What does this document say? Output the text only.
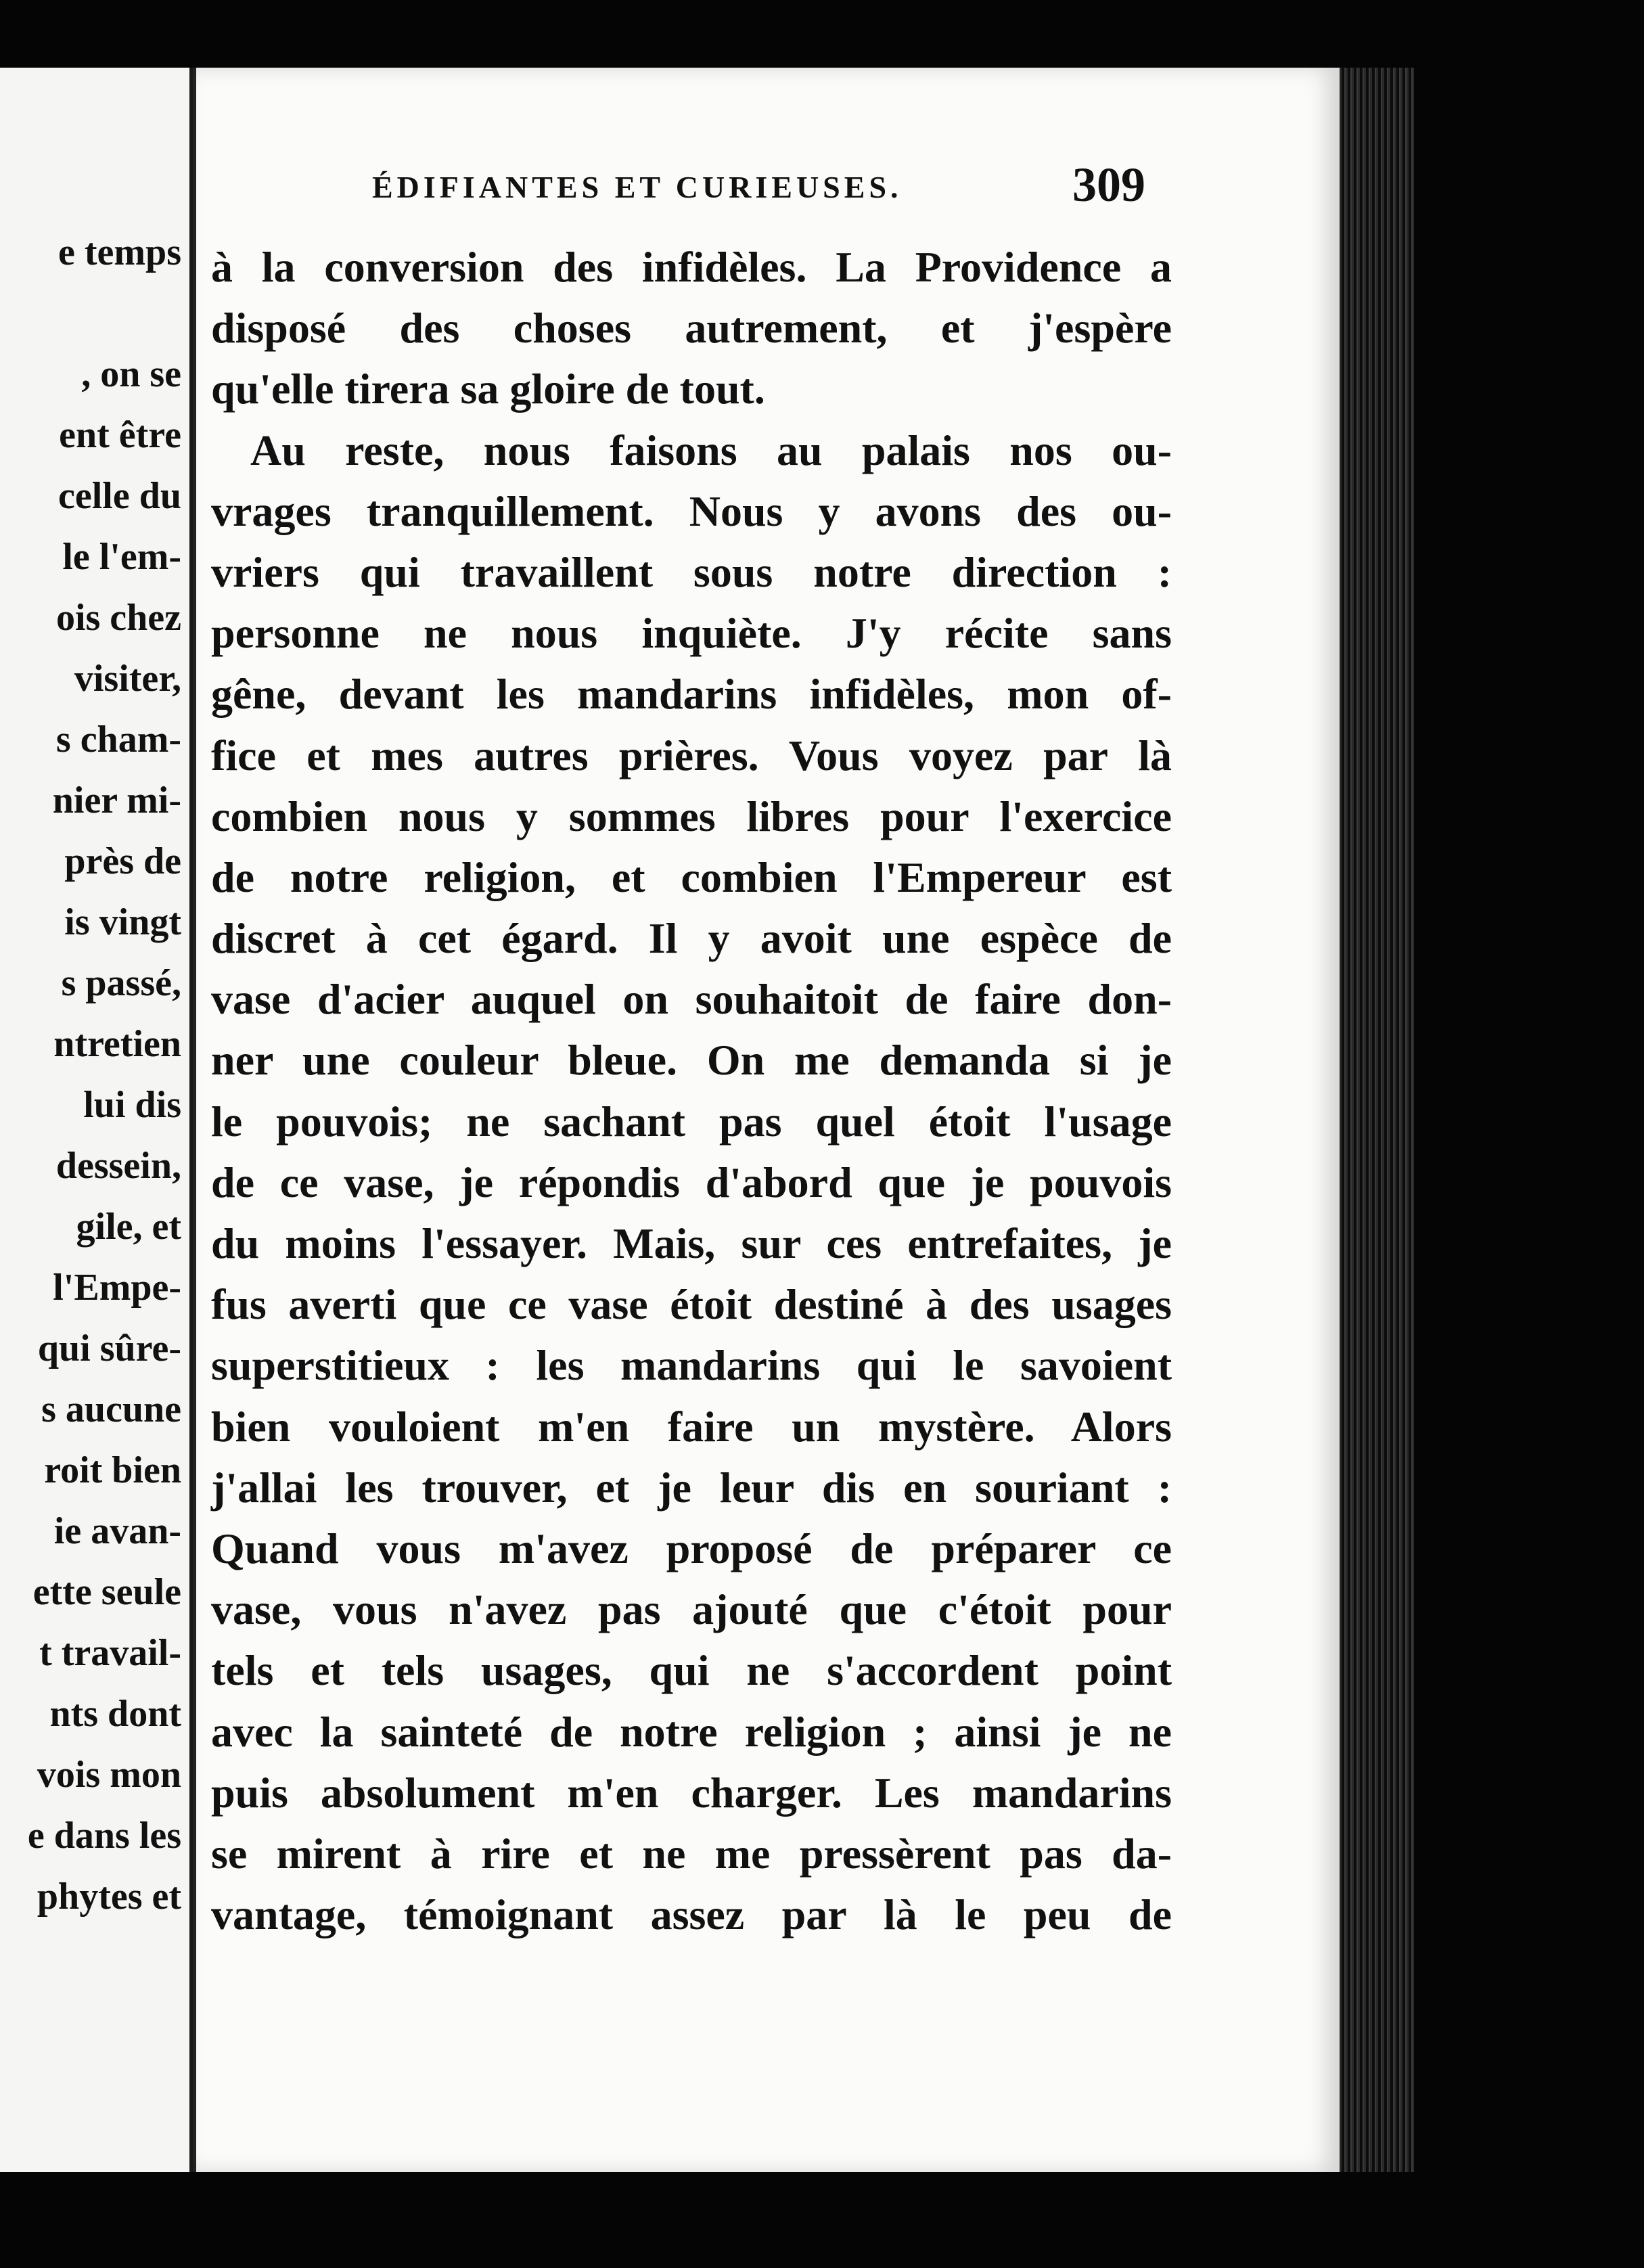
e temps
, on se
ent être
celle du
le l'em-
ois chez
visiter,
s cham-
nier mi-
près de
is vingt
s passé,
ntretien
lui dis
dessein,
gile, et
l'Empe-
qui sûre-
s aucune
roit bien
ie avan-
ette seule
t travail-
nts dont
vois mon
e dans les
phytes et
ÉDIFIANTES ET CURIEUSES.	309
à la conversion des infidèles. La Providence a
disposé des choses autrement, et j'espère
qu'elle tirera sa gloire de tout.
Au reste, nous faisons au palais nos ou-
vrages tranquillement. Nous y avons des ou-
vriers qui travaillent sous notre direction :
personne ne nous inquiète. J'y récite sans
gêne, devant les mandarins infidèles, mon of-
fice et mes autres prières. Vous voyez par là
combien nous y sommes libres pour l'exercice
de notre religion, et combien l'Empereur est
discret à cet égard. Il y avoit une espèce de
vase d'acier auquel on souhaitoit de faire don-
ner une couleur bleue. On me demanda si je
le pouvois; ne sachant pas quel étoit l'usage
de ce vase, je répondis d'abord que je pouvois
du moins l'essayer. Mais, sur ces entrefaites, je
fus averti que ce vase étoit destiné à des usages
superstitieux : les mandarins qui le savoient
bien vouloient m'en faire un mystère. Alors
j'allai les trouver, et je leur dis en souriant :
Quand vous m'avez proposé de préparer ce
vase, vous n'avez pas ajouté que c'étoit pour
tels et tels usages, qui ne s'accordent point
avec la sainteté de notre religion ; ainsi je ne
puis absolument m'en charger. Les mandarins
se mirent à rire et ne me pressèrent pas da-
vantage, témoignant assez par là le peu de
